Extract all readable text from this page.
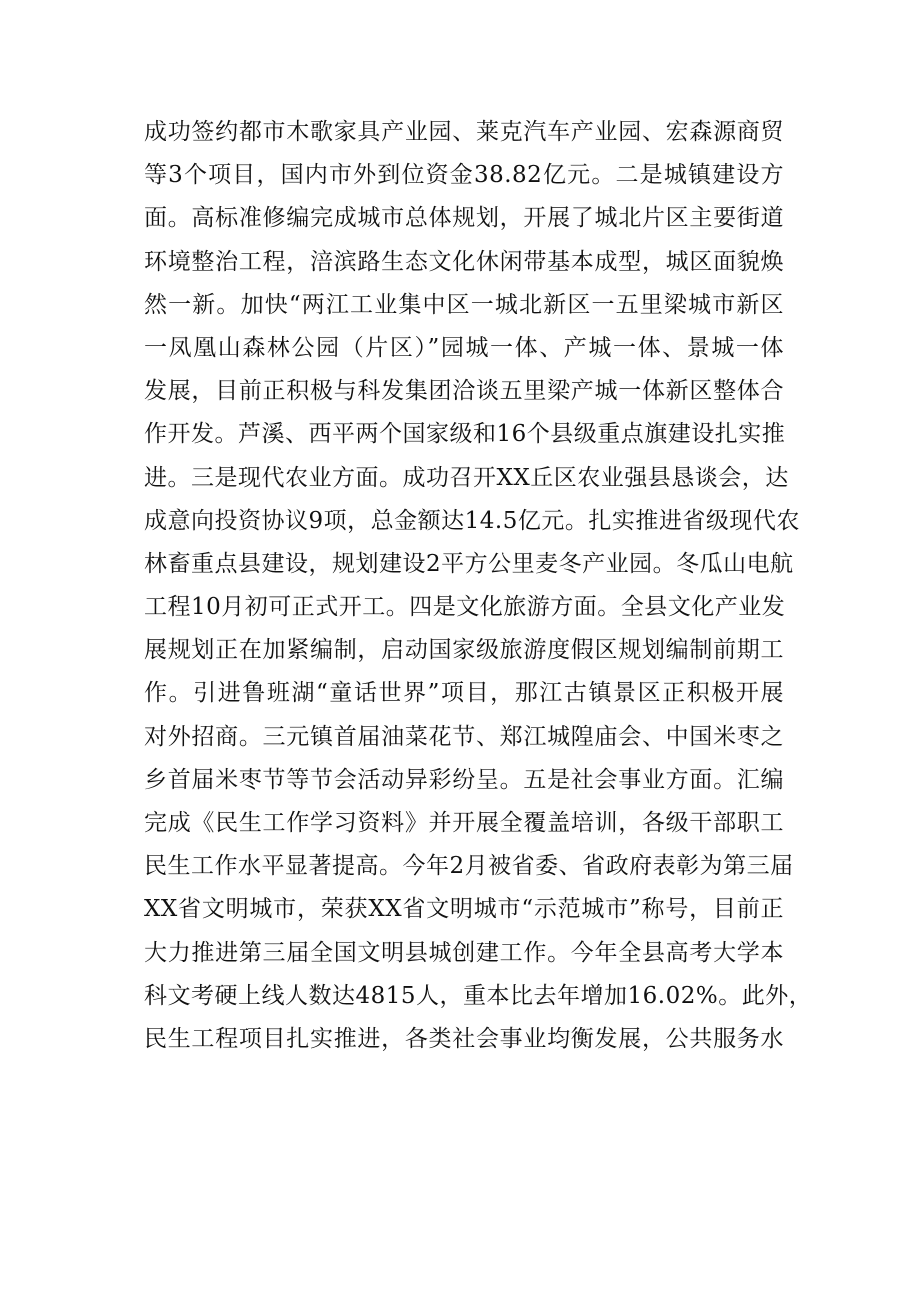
成功签约都市木歌家具产业园、莱克汽车产业园、宏森源商贸
等3个项目，国内市外到位资金38.82亿元。二是城镇建设方
面。高标准修编完成城市总体规划，开展了城北片区主要街道
环境整治工程，涪滨路生态文化休闲带基本成型，城区面貌焕
然一新。加快“两江工业集中区一城北新区一五里梁城市新区
一凤凰山森林公园（片区）”园城一体、产城一体、景城一体
发展，目前正积极与科发集团洽谈五里梁产城一体新区整体合
作开发。芦溪、西平两个国家级和16个县级重点旗建设扎实推
进。三是现代农业方面。成功召开XX丘区农业强县恳谈会，达
成意向投资协议9项，总金额达14.5亿元。扎实推进省级现代农
林畜重点县建设，规划建设2平方公里麦冬产业园。冬瓜山电航
工程10月初可正式开工。四是文化旅游方面。全县文化产业发
展规划正在加紧编制，启动国家级旅游度假区规划编制前期工
作。引进鲁班湖“童话世界”项目，那江古镇景区正积极开展
对外招商。三元镇首届油菜花节、郑江城隍庙会、中国米枣之
乡首届米枣节等节会活动异彩纷呈。五是社会事业方面。汇编
完成《民生工作学习资料》并开展全覆盖培训，各级干部职工
民生工作水平显著提高。今年2月被省委、省政府表彰为第三届
XX省文明城市，荣获XX省文明城市“示范城市”称号，目前正
大力推进第三届全国文明县城创建工作。今年全县高考大学本
科文考硬上线人数达4815人，重本比去年增加16.02%。此外，
民生工程项目扎实推进，各类社会事业均衡发展，公共服务水
